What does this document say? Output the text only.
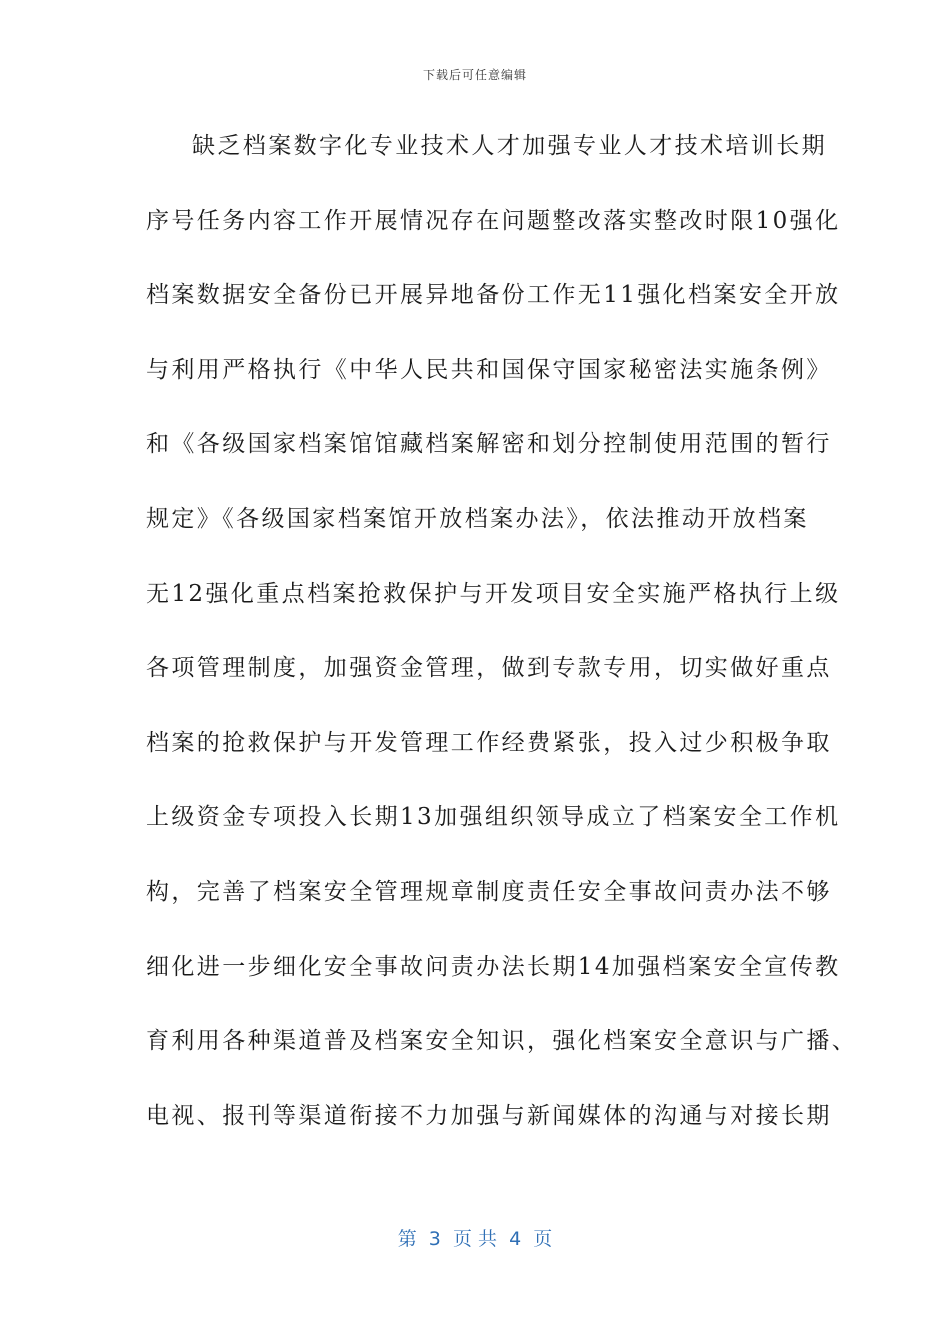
下载后可任意编辑
缺乏档案数字化专业技术人才加强专业人才技术培训长期
序号任务内容工作开展情况存在问题整改落实整改时限10强化
档案数据安全备份已开展异地备份工作无11强化档案安全开放
与利用严格执行《中华人民共和国保守国家秘密法实施条例》
和《各级国家档案馆馆藏档案解密和划分控制使用范围的暂行
规定》《各级国家档案馆开放档案办法》，依法推动开放档案
无12强化重点档案抢救保护与开发项目安全实施严格执行上级
各项管理制度，加强资金管理，做到专款专用，切实做好重点
档案的抢救保护与开发管理工作经费紧张，投入过少积极争取
上级资金专项投入长期13加强组织领导成立了档案安全工作机
构，完善了档案安全管理规章制度责任安全事故问责办法不够
细化进一步细化安全事故问责办法长期14加强档案安全宣传教
育利用各种渠道普及档案安全知识，强化档案安全意识与广播、
电视、报刊等渠道衔接不力加强与新闻媒体的沟通与对接长期
第  3  页 共  4  页
